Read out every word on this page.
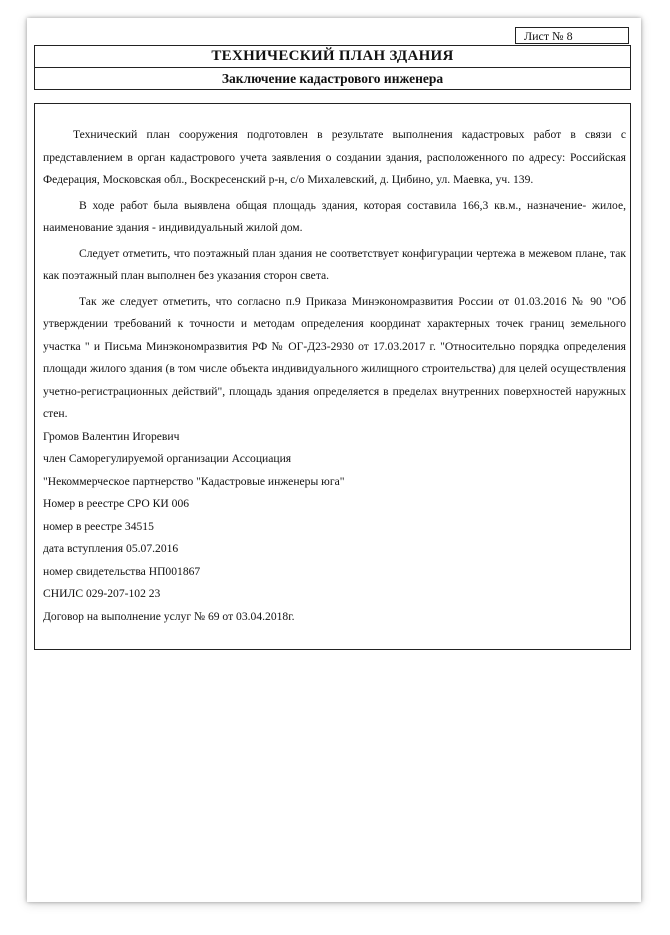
Лист № 8
ТЕХНИЧЕСКИЙ ПЛАН ЗДАНИЯ
Заключение кадастрового инженера

Технический план сооружения подготовлен в результате выполнения кадастровых работ в связи с представлением в орган кадастрового учета заявления о создании здания, расположенного по адресу: Российская Федерация, Московская обл., Воскресенский р-н, с/о Михалевский, д. Цибино, ул. Маевка, уч. 139.

В ходе работ была выявлена общая площадь здания, которая составила 166,3 кв.м., назначение- жилое, наименование здания - индивидуальный жилой дом.

Следует отметить, что поэтажный план здания не соответствует конфигурации чертежа в межевом плане, так как поэтажный план выполнен без указания сторон света.

Так же следует отметить, что согласно п.9 Приказа Минэкономразвития России от 01.03.2016 № 90 "Об утверждении требований к точности и методам определения координат характерных точек границ земельного участка " и Письма Минэкономразвития РФ № ОГ-Д23-2930 от 17.03.2017 г. "Относительно порядка определения площади жилого здания (в том числе объекта индивидуального жилищного строительства) для целей осуществления учетно-регистрационных действий", площадь здания определяется в пределах внутренних поверхностей наружных стен.

Громов Валентин Игоревич

член Саморегулируемой организации Ассоциация

"Некоммерческое партнерство "Кадастровые инженеры юга"

Номер в реестре СРО КИ 006

номер в реестре 34515

дата вступления 05.07.2016

номер свидетельства НП001867

СНИЛС 029-207-102 23

Договор на выполнение услуг № 69 от 03.04.2018г.
